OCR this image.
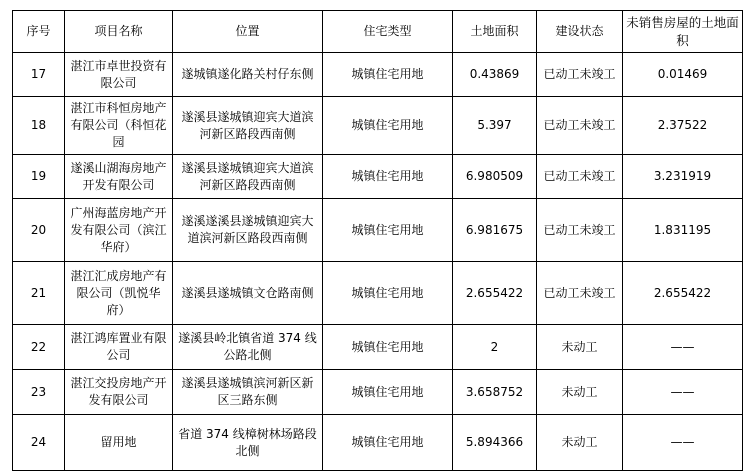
序号	项目名称	位置	住宅类型	土地面积	建设状态	未销售房屋的土地面积
17	湛江市卓世投资有限公司	遂城镇遂化路关村仔东侧	城镇住宅用地	0.43869	已动工未竣工	0.01469
18	湛江市科恒房地产有限公司（科恒花园	遂溪县遂城镇迎宾大道滨河新区路段西南侧	城镇住宅用地	5.397	已动工未竣工	2.37522
19	遂溪山湖海房地产开发有限公司	遂溪县遂城镇迎宾大道滨河新区路段西南侧	城镇住宅用地	6.980509	已动工未竣工	3.231919
20	广州海蓝房地产开发有限公司（滨江华府）	遂溪遂溪县遂城镇迎宾大道滨河新区路段西南侧	城镇住宅用地	6.981675	已动工未竣工	1.831195
21	湛江汇成房地产有限公司（凯悦华府）	遂溪县遂城镇文仓路南侧	城镇住宅用地	2.655422	已动工未竣工	2.655422
22	湛江鸿库置业有限公司	遂溪县岭北镇省道 374 线公路北侧	城镇住宅用地	2	未动工	——
23	湛江交投房地产开发有限公司	遂溪县遂城镇滨河新区新区三路东侧	城镇住宅用地	3.658752	未动工	——
24	留用地	省道 374 线樟树林场路段北侧	城镇住宅用地	5.894366	未动工	——
